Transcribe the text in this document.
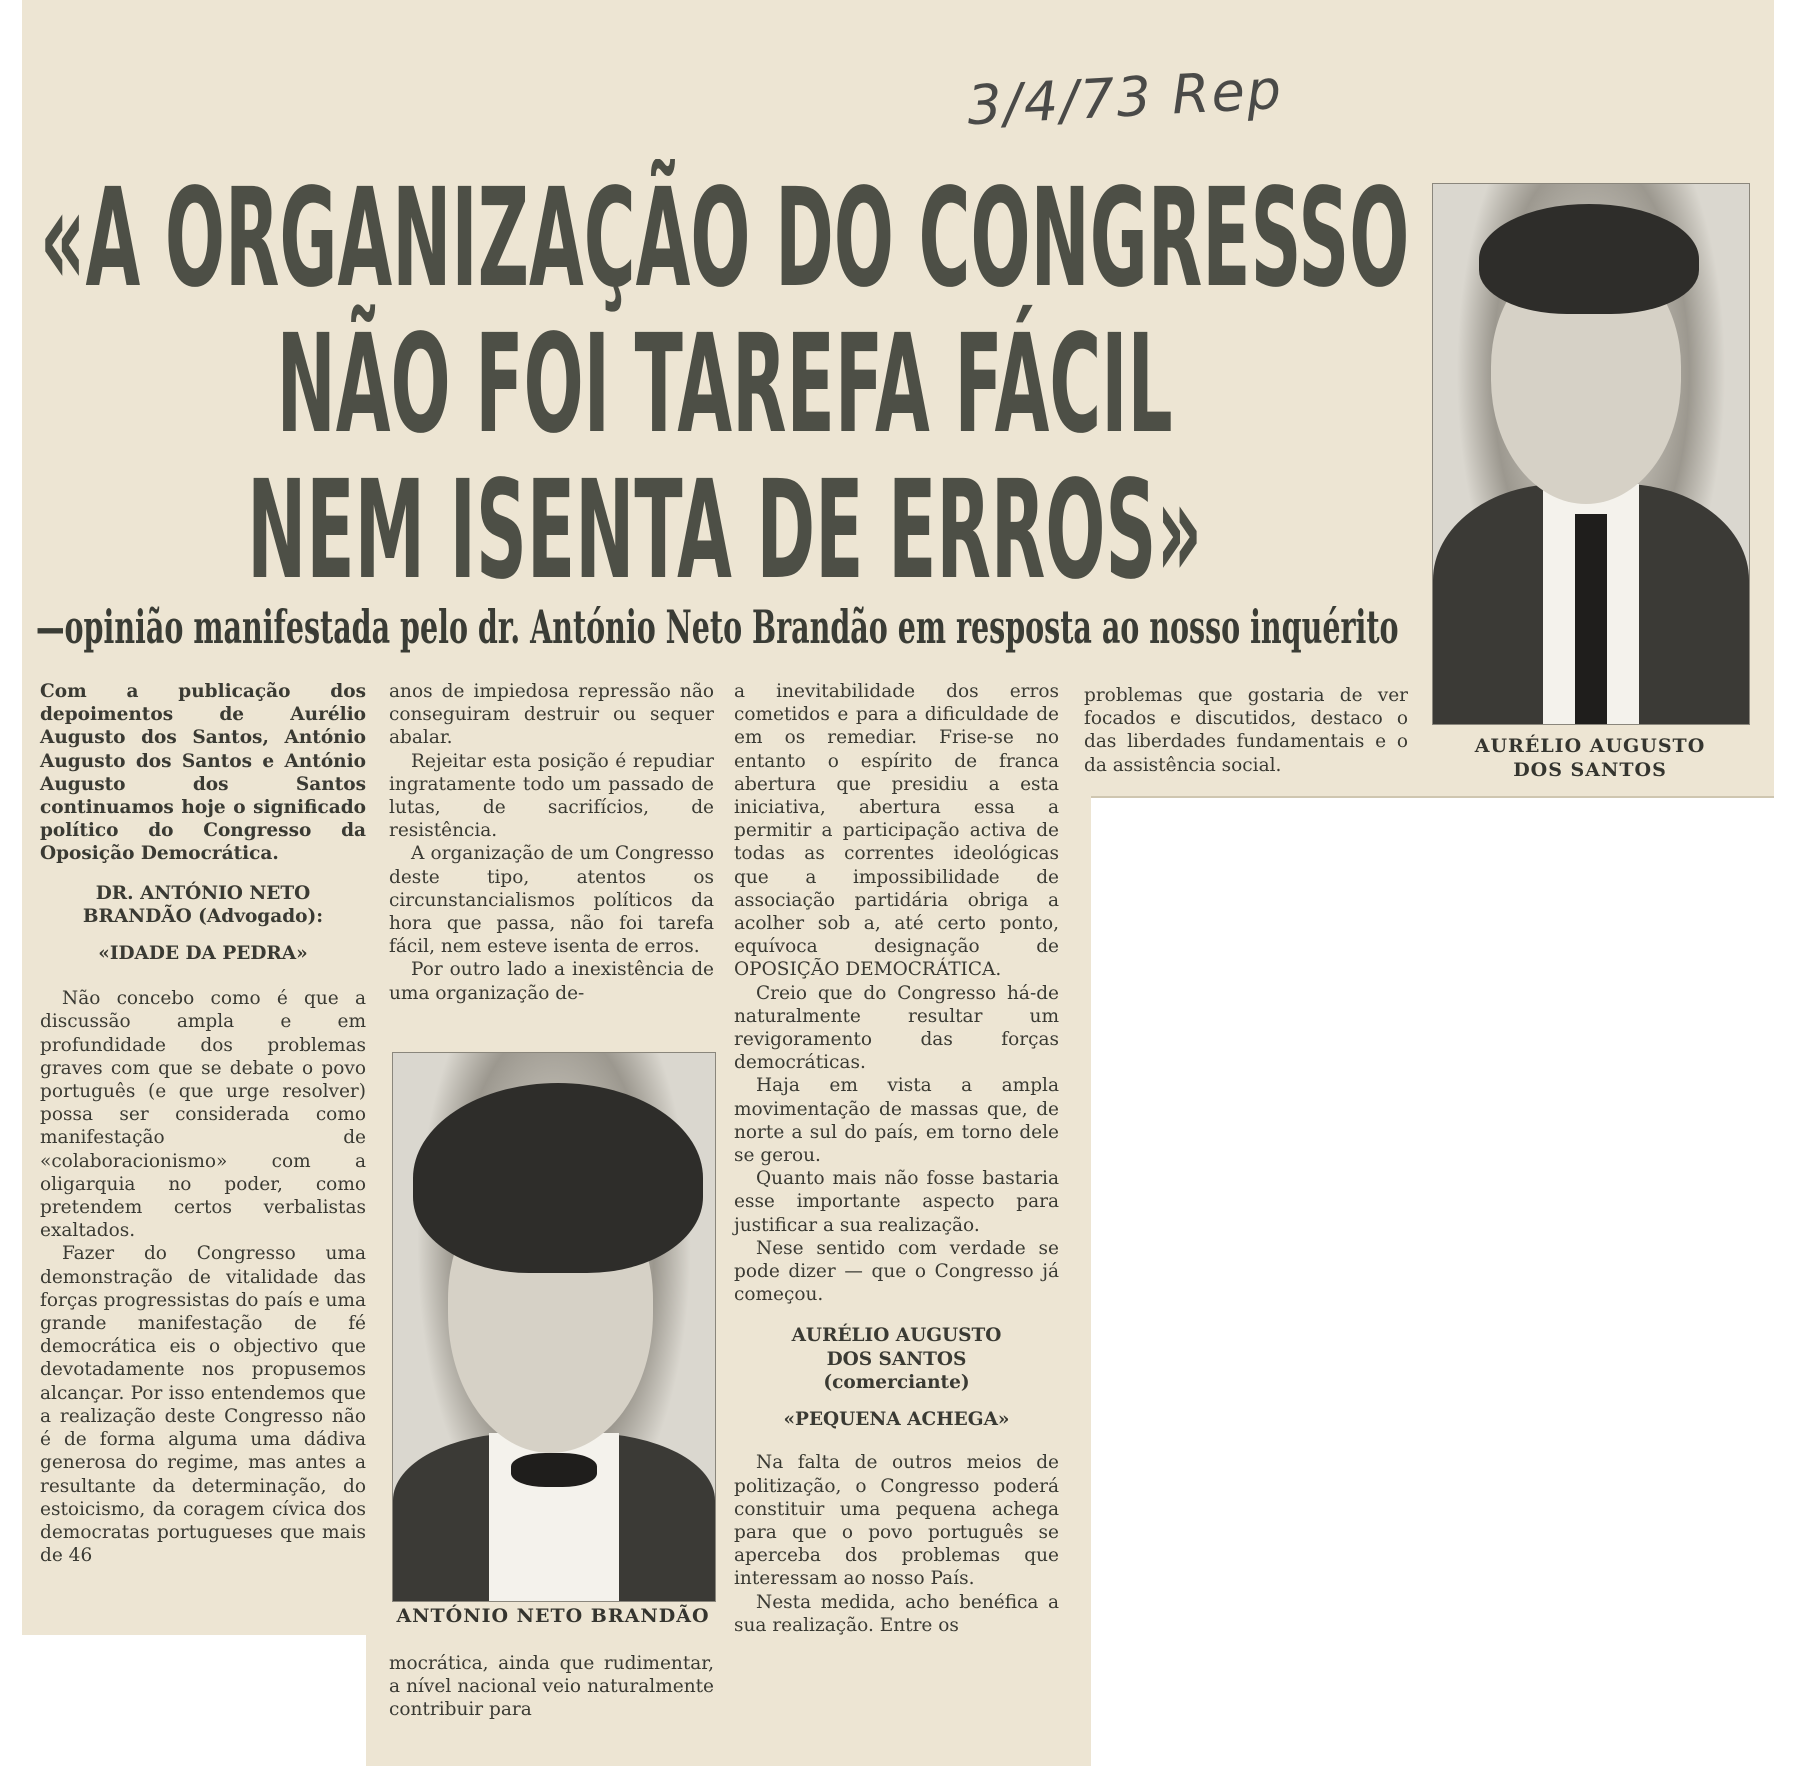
3/4/73 Rep
«A ORGANIZAÇÃO DO CONGRESSO
NÃO FOI TAREFA FÁCIL
NEM ISENTA DE ERROS»
—opinião manifestada pelo dr. António Neto Brandão em resposta ao nosso inquérito
AURÉLIO AUGUSTO
DOS SANTOS
ANTÓNIO NETO BRANDÃO

Com a publicação dos depoimentos de Aurélio Augusto dos Santos, António Augusto dos Santos e António Augusto dos Santos continuamos hoje o significado político do Congresso da Oposição Democrática.

DR. ANTÓNIO NETO
BRANDÃO (Advogado):
«IDADE DA PEDRA»

Não concebo como é que a discussão ampla e em profundidade dos problemas graves com que se debate o povo português (e que urge resolver) possa ser considerada como manifestação de «colaboracionismo» com a oligarquia no poder, como pretendem certos verbalistas exaltados.

Fazer do Congresso uma demonstração de vitalidade das forças progressistas do país e uma grande manifestação de fé democrática eis o objectivo que devotadamente nos propusemos alcançar. Por isso entendemos que a realização deste Congresso não é de forma alguma uma dádiva generosa do regime, mas antes a resultante da determinação, do estoicismo, da coragem cívica dos democratas portugueses que mais de 46

anos de impiedosa repressão não conseguiram destruir ou sequer abalar.

Rejeitar esta posição é repudiar ingratamente todo um passado de lutas, de sacrifícios, de resistência.

A organização de um Congresso deste tipo, atentos os circunstancialismos políticos da hora que passa, não foi tarefa fácil, nem esteve isenta de erros.

Por outro lado a inexistência de uma organização de-

mocrática, ainda que rudimentar, a nível nacional veio naturalmente contribuir para

a inevitabilidade dos erros cometidos e para a dificuldade de em os remediar. Frise-se no entanto o espírito de franca abertura que presidiu a esta iniciativa, abertura essa a permitir a participação activa de todas as correntes ideológicas que a impossibilidade de associação partidária obriga a acolher sob a, até certo ponto, equívoca designação de OPOSIÇÃO DEMOCRÁTICA.

Creio que do Congresso há-de naturalmente resultar um revigoramento das forças democráticas.

Haja em vista a ampla movimentação de massas que, de norte a sul do país, em torno dele se gerou.

Quanto mais não fosse bastaria esse importante aspecto para justificar a sua realização.

Nese sentido com verdade se pode dizer — que o Congresso já começou.

AURÉLIO AUGUSTO
DOS SANTOS
(comerciante)
«PEQUENA ACHEGA»

Na falta de outros meios de politização, o Congresso poderá constituir uma pequena achega para que o povo português se aperceba dos problemas que interessam ao nosso País.

Nesta medida, acho benéfica a sua realização. Entre os

problemas que gostaria de ver focados e discutidos, destaco o das liberdades fundamentais e o da assistência social.
